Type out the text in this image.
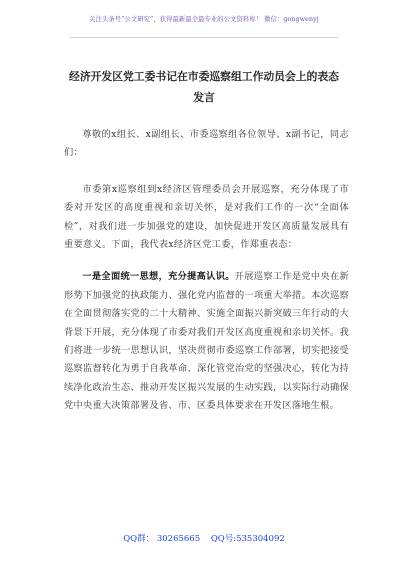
关注头条号“公文研究”，获得最新最全最专业的公文资料库！ 微信：gongwenyj
经济开发区党工委书记在市委巡察组工作动员会上的表态
发言

尊敬的x组长、x副组长、市委巡察组各位领导、x副书记，同志们：

市委第x巡察组到x经济区管理委员会开展巡察，充分体现了市委对开发区的高度重视和亲切关怀，是对我们工作的一次“全面体检”，对我们进一步加强党的建设，加快促进开发区高质量发展具有重要意义。下面，我代表x经济区党工委，作郑重表态：

一是全面统一思想，充分提高认识。开展巡察工作是党中央在新形势下加强党的执政能力、强化党内监督的一项重大举措。本次巡察在全面贯彻落实党的二十大精神、实施全面振兴新突破三年行动的大背景下开展，充分体现了市委对我们开发区高度重视和亲切关怀。我们将进一步统一思想认识，坚决贯彻市委巡察工作部署，切实把接受巡察监督转化为勇于自我革命、深化管党治党的坚强决心，转化为持续净化政治生态、推动开发区振兴发展的生动实践，以实际行动确保党中央重大决策部署及省、市、区委具体要求在开发区落地生根。

QQ群： 30265665 QQ号:535304092
